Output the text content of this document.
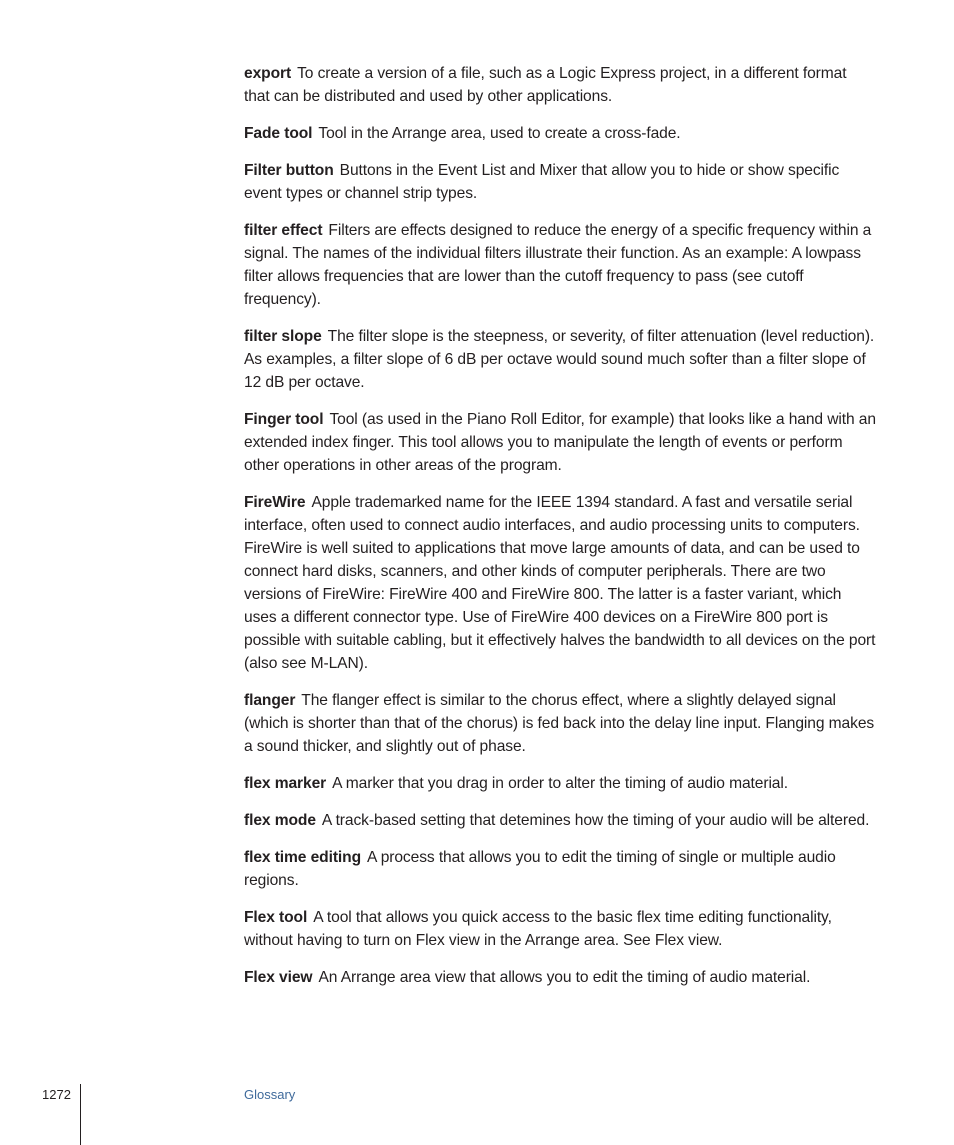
export To create a version of a file, such as a Logic Express project, in a different format that can be distributed and used by other applications.

Fade tool Tool in the Arrange area, used to create a cross-fade.

Filter button Buttons in the Event List and Mixer that allow you to hide or show specific event types or channel strip types.

filter effect Filters are effects designed to reduce the energy of a specific frequency within a signal. The names of the individual filters illustrate their function. As an example: A lowpass filter allows frequencies that are lower than the cutoff frequency to pass (see cutoff frequency).

filter slope The filter slope is the steepness, or severity, of filter attenuation (level reduction). As examples, a filter slope of 6 dB per octave would sound much softer than a filter slope of 12 dB per octave.

Finger tool Tool (as used in the Piano Roll Editor, for example) that looks like a hand with an extended index finger. This tool allows you to manipulate the length of events or perform other operations in other areas of the program.

FireWire Apple trademarked name for the IEEE 1394 standard. A fast and versatile serial interface, often used to connect audio interfaces, and audio processing units to computers. FireWire is well suited to applications that move large amounts of data, and can be used to connect hard disks, scanners, and other kinds of computer peripherals. There are two versions of FireWire: FireWire 400 and FireWire 800. The latter is a faster variant, which uses a different connector type. Use of FireWire 400 devices on a FireWire 800 port is possible with suitable cabling, but it effectively halves the bandwidth to all devices on the port (also see M-LAN).

flanger The flanger effect is similar to the chorus effect, where a slightly delayed signal (which is shorter than that of the chorus) is fed back into the delay line input. Flanging makes a sound thicker, and slightly out of phase.

flex marker A marker that you drag in order to alter the timing of audio material.

flex mode A track-based setting that detemines how the timing of your audio will be altered.

flex time editing A process that allows you to edit the timing of single or multiple audio regions.

Flex tool A tool that allows you quick access to the basic flex time editing functionality, without having to turn on Flex view in the Arrange area. See Flex view.

Flex view An Arrange area view that allows you to edit the timing of audio material.

1272	Glossary
